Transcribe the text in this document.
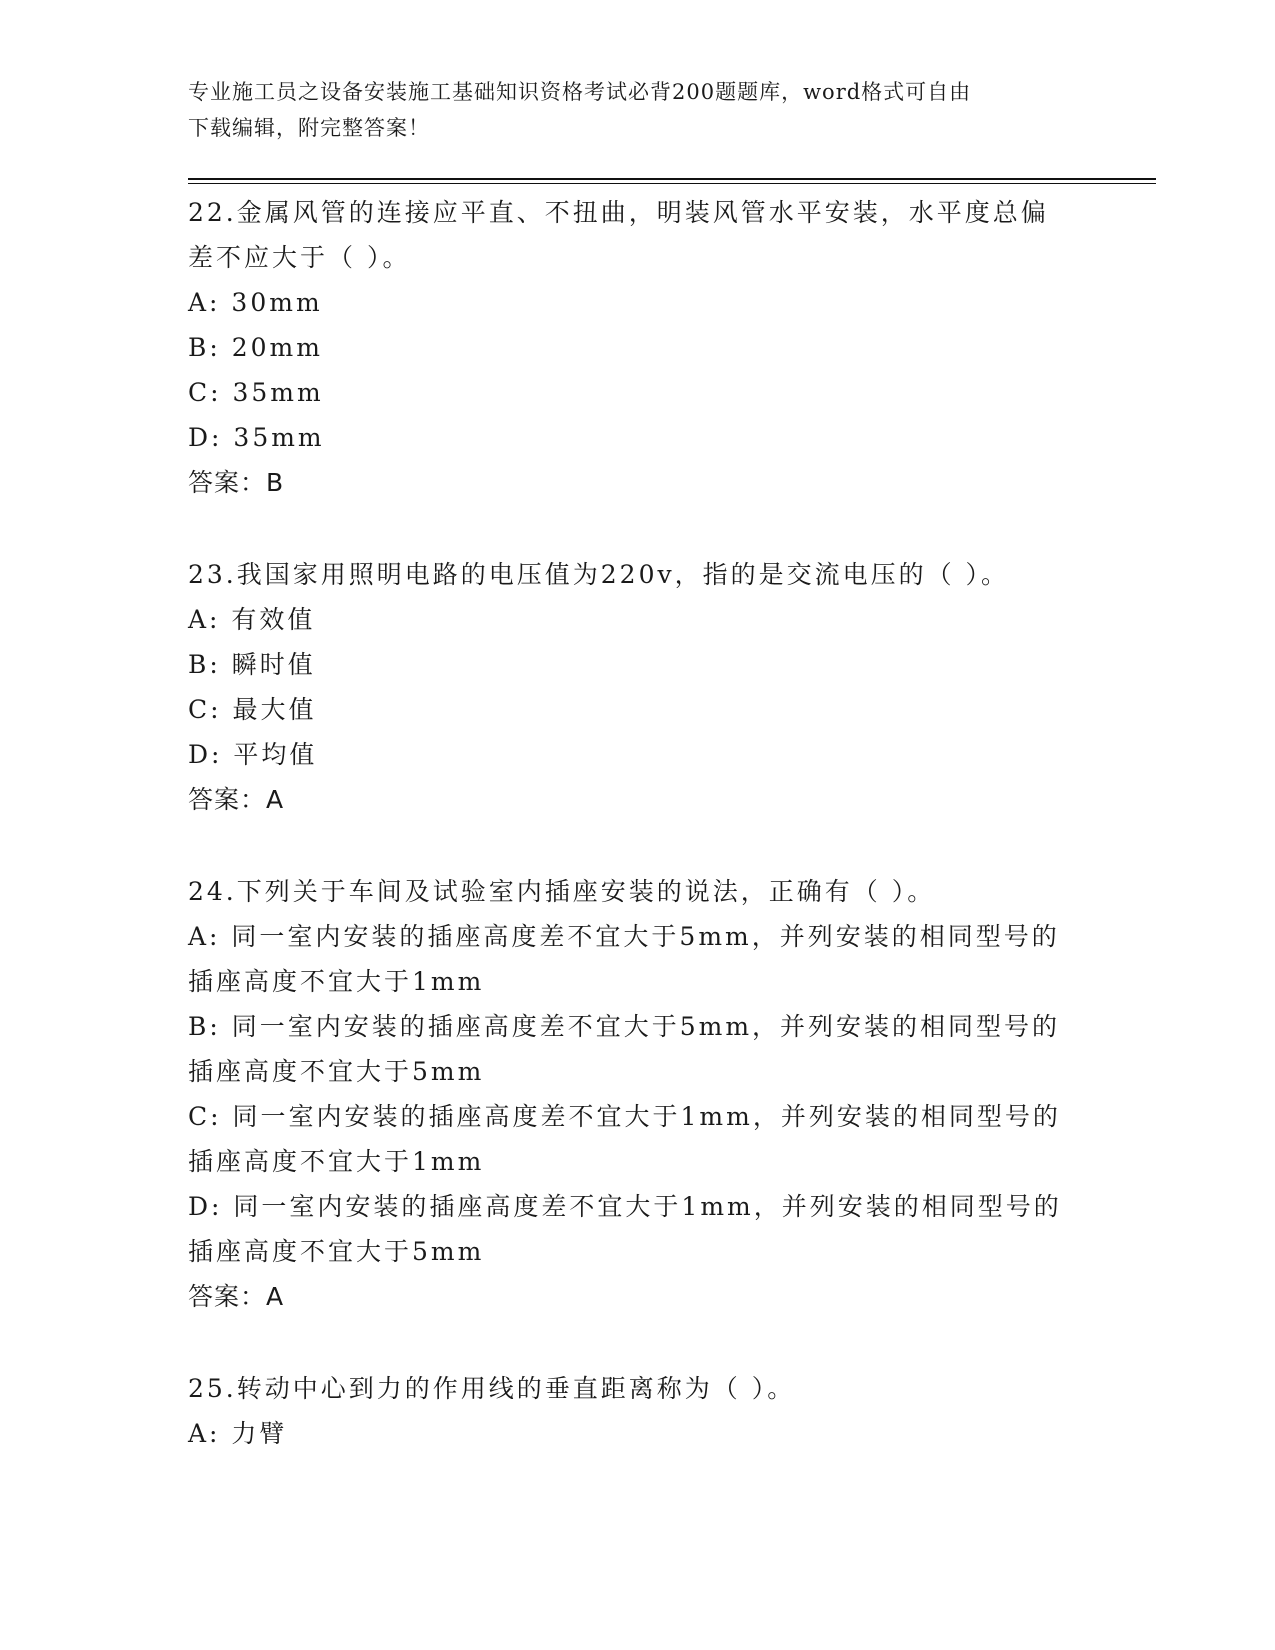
专业施工员之设备安装施工基础知识资格考试必背200题题库，word格式可自由
下载编辑，附完整答案！
22.金属风管的连接应平直、不扭曲，明装风管水平安装，水平度总偏
差不应大于（ ）。
A: 30mm
B: 20mm
C: 35mm
D: 35mm
答案：B
23.我国家用照明电路的电压值为220v，指的是交流电压的（ ）。
A: 有效值
B: 瞬时值
C: 最大值
D: 平均值
答案：A
24.下列关于车间及试验室内插座安装的说法，正确有（ ）。
A: 同一室内安装的插座高度差不宜大于5mm，并列安装的相同型号的
插座高度不宜大于1mm
B: 同一室内安装的插座高度差不宜大于5mm，并列安装的相同型号的
插座高度不宜大于5mm
C: 同一室内安装的插座高度差不宜大于1mm，并列安装的相同型号的
插座高度不宜大于1mm
D: 同一室内安装的插座高度差不宜大于1mm，并列安装的相同型号的
插座高度不宜大于5mm
答案：A
25.转动中心到力的作用线的垂直距离称为（ ）。
A: 力臂
